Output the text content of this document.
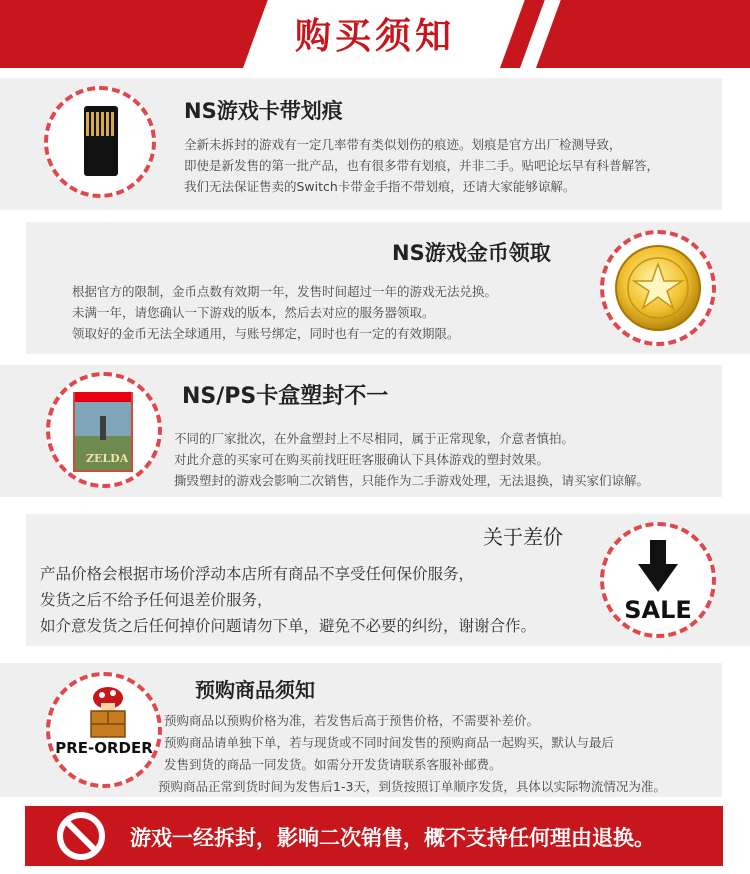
购买须知
NS游戏卡带划痕
全新未拆封的游戏有一定几率带有类似划伤的痕迹。划痕是官方出厂检测导致，
即使是新发售的第一批产品，也有很多带有划痕，并非二手。贴吧论坛早有科普解答，
我们无法保证售卖的Switch卡带金手指不带划痕，还请大家能够谅解。
NS游戏金币领取
根据官方的限制，金币点数有效期一年，发售时间超过一年的游戏无法兑换。
未满一年，请您确认一下游戏的版本，然后去对应的服务器领取。
领取好的金币无法全球通用，与账号绑定，同时也有一定的有效期限。
ZELDA
NS/PS卡盒塑封不一
不同的厂家批次，在外盒塑封上不尽相同，属于正常现象，介意者慎拍。
对此介意的买家可在购买前找旺旺客服确认下具体游戏的塑封效果。
撕毁塑封的游戏会影响二次销售，只能作为二手游戏处理，无法退换，请买家们谅解。
SALE
关于差价
产品价格会根据市场价浮动本店所有商品不享受任何保价服务，
发货之后不给予任何退差价服务，
如介意发货之后任何掉价问题请勿下单，避免不必要的纠纷，谢谢合作。
PRE-ORDER
预购商品须知
预购商品以预购价格为准，若发售后高于预售价格，不需要补差价。
预购商品请单独下单，若与现货或不同时间发售的预购商品一起购买，默认与最后
发售到货的商品一同发货。如需分开发货请联系客服补邮费。
预购商品正常到货时间为发售后1-3天，到货按照订单顺序发货，具体以实际物流情况为准。
游戏一经拆封，影响二次销售，概不支持任何理由退换。
